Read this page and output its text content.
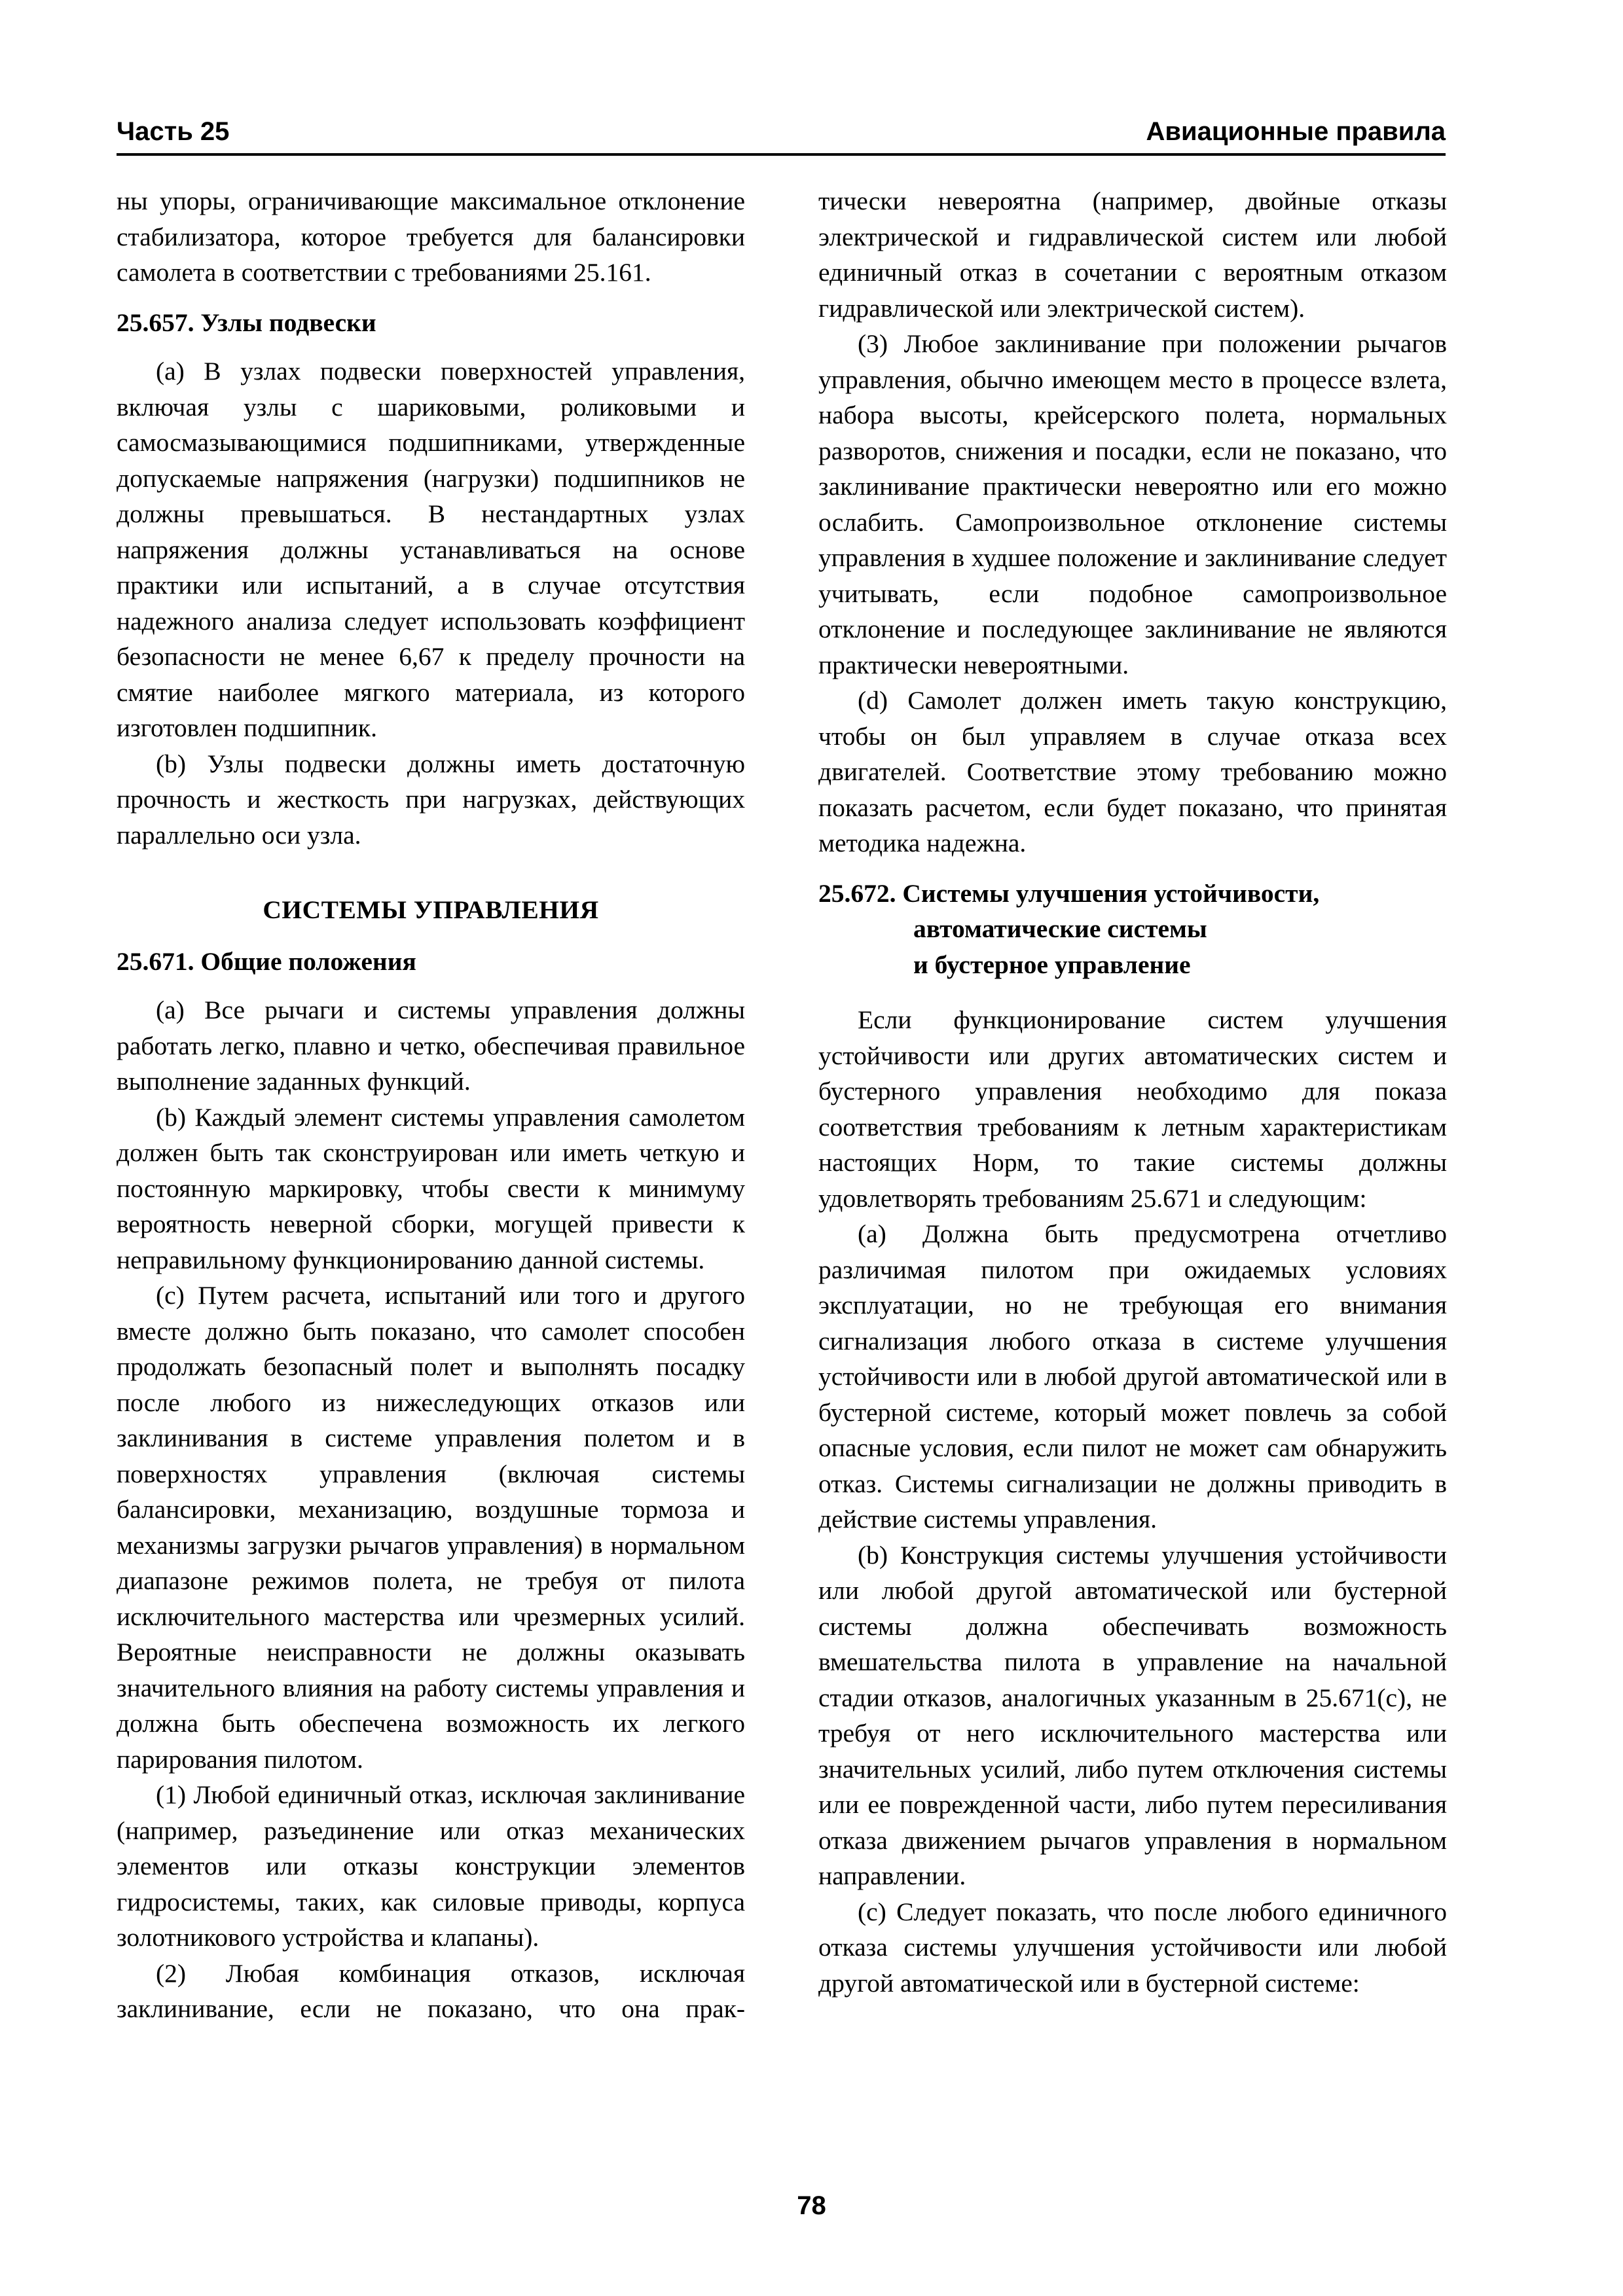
Часть 25	Авиационные правила

ны упоры, ограничивающие максимальное отклонение стабилизатора, которое требуется для балансировки самолета в соответствии с требованиями 25.161.

25.657. Узлы подвески

(а) В узлах подвески поверхностей управления, включая узлы с шариковыми, роликовыми и самосмазывающимися подшипниками, утвержденные допускаемые напряжения (нагрузки) подшипников не должны превышаться. В нестандартных узлах напряжения должны устанавливаться на основе практики или испытаний, а в случае отсутствия надежного анализа следует использовать коэффициент безопасности не менее 6,67 к пределу прочности на смятие наиболее мягкого материала, из которого изготовлен подшипник.

(b) Узлы подвески должны иметь достаточную прочность и жесткость при нагрузках, действующих параллельно оси узла.

СИСТЕМЫ УПРАВЛЕНИЯ
25.671. Общие положения

(а) Все рычаги и системы управления должны работать легко, плавно и четко, обеспечивая правильное выполнение заданных функций.

(b) Каждый элемент системы управления самолетом должен быть так сконструирован или иметь четкую и постоянную маркировку, чтобы свести к минимуму вероятность неверной сборки, могущей привести к неправильному функционированию данной системы.

(с) Путем расчета, испытаний или того и другого вместе должно быть показано, что самолет способен продолжать безопасный полет и выполнять посадку после любого из нижеследующих отказов или заклинивания в системе управления полетом и в поверхностях управления (включая системы балансировки, механизацию, воздушные тормоза и механизмы загрузки рычагов управления) в нормальном диапазоне режимов полета, не требуя от пилота исключительного мастерства или чрезмерных усилий. Вероятные неисправности не должны оказывать значительного влияния на работу системы управления и должна быть обеспечена возможность их легкого парирования пилотом.

(1) Любой единичный отказ, исключая заклинивание (например, разъединение или отказ механических элементов или отказы конструкции элементов гидросистемы, таких, как силовые приводы, корпуса золотникового устройства и клапаны).

(2) Любая комбинация отказов, исключая заклинивание, если не показано, что она прак-

тически невероятна (например, двойные отказы электрической и гидравлической систем или любой единичный отказ в сочетании с вероятным отказом гидравлической или электрической систем).

(3) Любое заклинивание при положении рычагов управления, обычно имеющем место в процессе взлета, набора высоты, крейсерского полета, нормальных разворотов, снижения и посадки, если не показано, что заклинивание практически невероятно или его можно ослабить. Самопроизвольное отклонение системы управления в худшее положение и заклинивание следует учитывать, если подобное самопроизвольное отклонение и последующее заклинивание не являются практически невероятными.

(d) Самолет должен иметь такую конструкцию, чтобы он был управляем в случае отказа всех двигателей. Соответствие этому требованию можно показать расчетом, если будет показано, что принятая методика надежна.

25.672. Системы улучшения устойчивости,
автоматические системы
и бустерное управление

Если функционирование систем улучшения устойчивости или других автоматических систем и бустерного управления необходимо для показа соответствия требованиям к летным характеристикам настоящих Норм, то такие системы должны удовлетворять требованиям 25.671 и следующим:

(а) Должна быть предусмотрена отчетливо различимая пилотом при ожидаемых условиях эксплуатации, но не требующая его внимания сигнализация любого отказа в системе улучшения устойчивости или в любой другой автоматической или в бустерной системе, который может повлечь за собой опасные условия, если пилот не может сам обнаружить отказ. Системы сигнализации не должны приводить в действие системы управления.

(b) Конструкция системы улучшения устойчивости или любой другой автоматической или бустерной системы должна обеспечивать возможность вмешательства пилота в управление на начальной стадии отказов, аналогичных указанным в 25.671(с), не требуя от него исключительного мастерства или значительных усилий, либо путем отключения системы или ее поврежденной части, либо путем пересиливания отказа движением рычагов управления в нормальном направлении.

(с) Следует показать, что после любого единичного отказа системы улучшения устойчивости или любой другой автоматической или в бустерной системе:

78
